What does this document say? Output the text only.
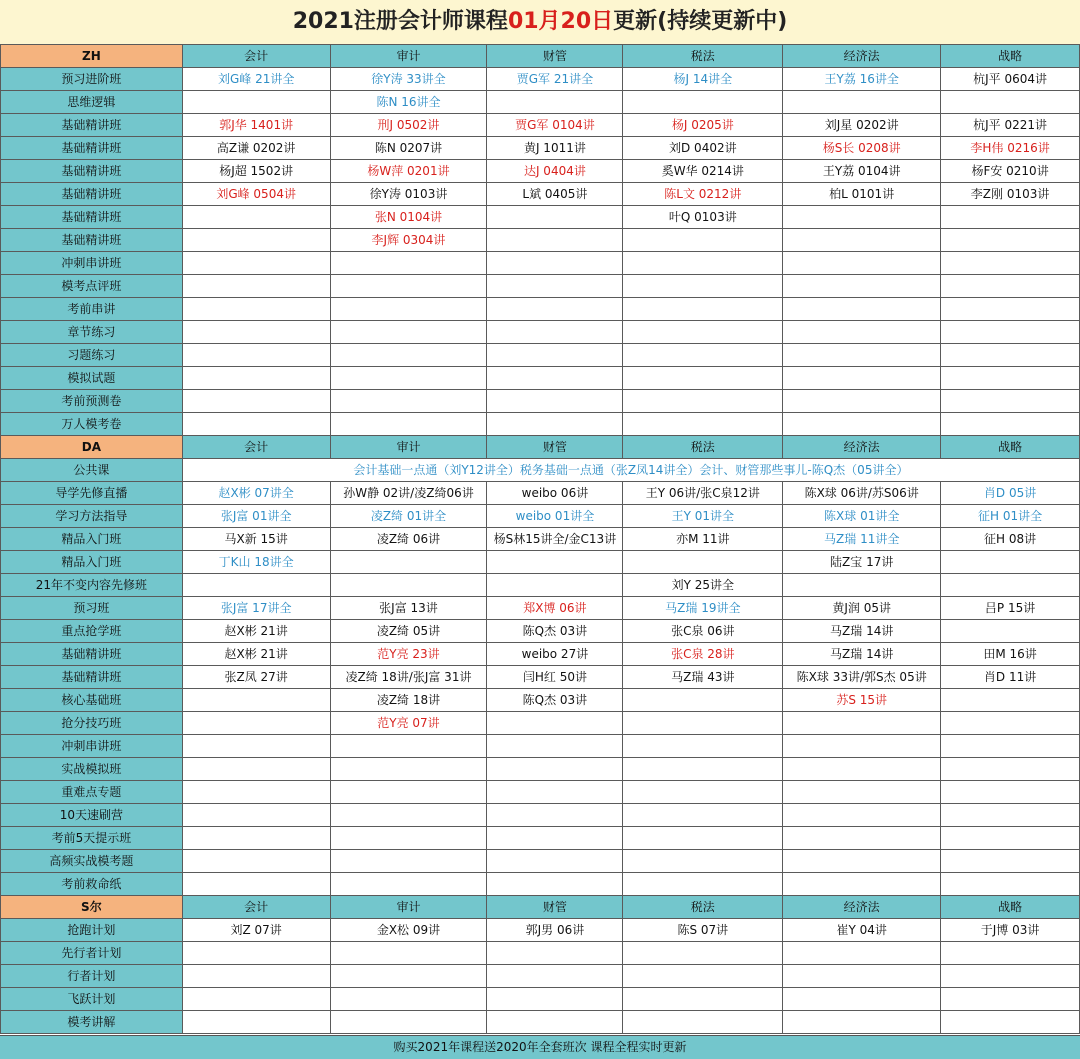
2021注册会计师课程01月20日更新(持续更新中)
ZH	会计	审计	财管	税法	经济法	战略
预习进阶班	刘G峰 21讲全	徐Y涛 33讲全	贾G军 21讲全	杨J 14讲全	王Y荔 16讲全	杭J平 0604讲
思维逻辑		陈N 16讲全				
基础精讲班	郭J华 1401讲	刑J 0502讲	贾G军 0104讲	杨J 0205讲	刘J星 0202讲	杭J平 0221讲
基础精讲班	高Z谦 0202讲	陈N 0207讲	黄J 1011讲	刘D 0402讲	杨S长 0208讲	李H伟 0216讲
基础精讲班	杨J超 1502讲	杨W萍 0201讲	达J 0404讲	奚W华 0214讲	王Y荔 0104讲	杨F安 0210讲
基础精讲班	刘G峰 0504讲	徐Y涛 0103讲	L斌 0405讲	陈L文 0212讲	柏L 0101讲	李Z刚 0103讲
基础精讲班		张N 0104讲		叶Q 0103讲		
基础精讲班		李J辉 0304讲				
冲刺串讲班						
模考点评班						
考前串讲						
章节练习						
习题练习						
模拟试题						
考前预测卷						
万人模考卷						
DA	会计	审计	财管	税法	经济法	战略
公共课	会计基础一点通（刘Y12讲全）税务基础一点通（张Z凤14讲全）会计、财管那些事儿-陈Q杰（05讲全）					
导学先修直播	赵X彬 07讲全	孙W静 02讲/凌Z绮06讲	weibo 06讲	王Y 06讲/张C泉12讲	陈X球 06讲/苏S06讲	肖D 05讲
学习方法指导	张J富 01讲全	凌Z绮 01讲全	weibo 01讲全	王Y 01讲全	陈X球 01讲全	征H 01讲全
精品入门班	马X新 15讲	凌Z绮 06讲	杨S林15讲全/金C13讲	亦M 11讲	马Z瑞 11讲全	征H 08讲
精品入门班	丁K山 18讲全				陆Z宝 17讲	
21年不变内容先修班				刘Y 25讲全		
预习班	张J富 17讲全	张J富 13讲	郑X博 06讲	马Z瑞 19讲全	黄J润 05讲	吕P 15讲
重点抢学班	赵X彬 21讲	凌Z绮 05讲	陈Q杰 03讲	张C泉 06讲	马Z瑞 14讲	
基础精讲班	赵X彬 21讲	范Y亮 23讲	weibo 27讲	张C泉 28讲	马Z瑞 14讲	田M 16讲
基础精讲班	张Z凤 27讲	凌Z绮 18讲/张J富 31讲	闫H红 50讲	马Z瑞 43讲	陈X球 33讲/郭S杰 05讲	肖D 11讲
核心基础班		凌Z绮 18讲	陈Q杰 03讲		苏S 15讲	
抢分技巧班		范Y亮 07讲				
冲刺串讲班						
实战模拟班						
重难点专题						
10天速刷营						
考前5天提示班						
高频实战模考题						
考前救命纸						
S尔	会计	审计	财管	税法	经济法	战略
抢跑计划	刘Z 07讲	金X松 09讲	郭J男 06讲	陈S 07讲	崔Y 04讲	于J博 03讲
先行者计划						
行者计划						
飞跃计划						
模考讲解						
购买2021年课程送2020年全套班次 课程全程实时更新
